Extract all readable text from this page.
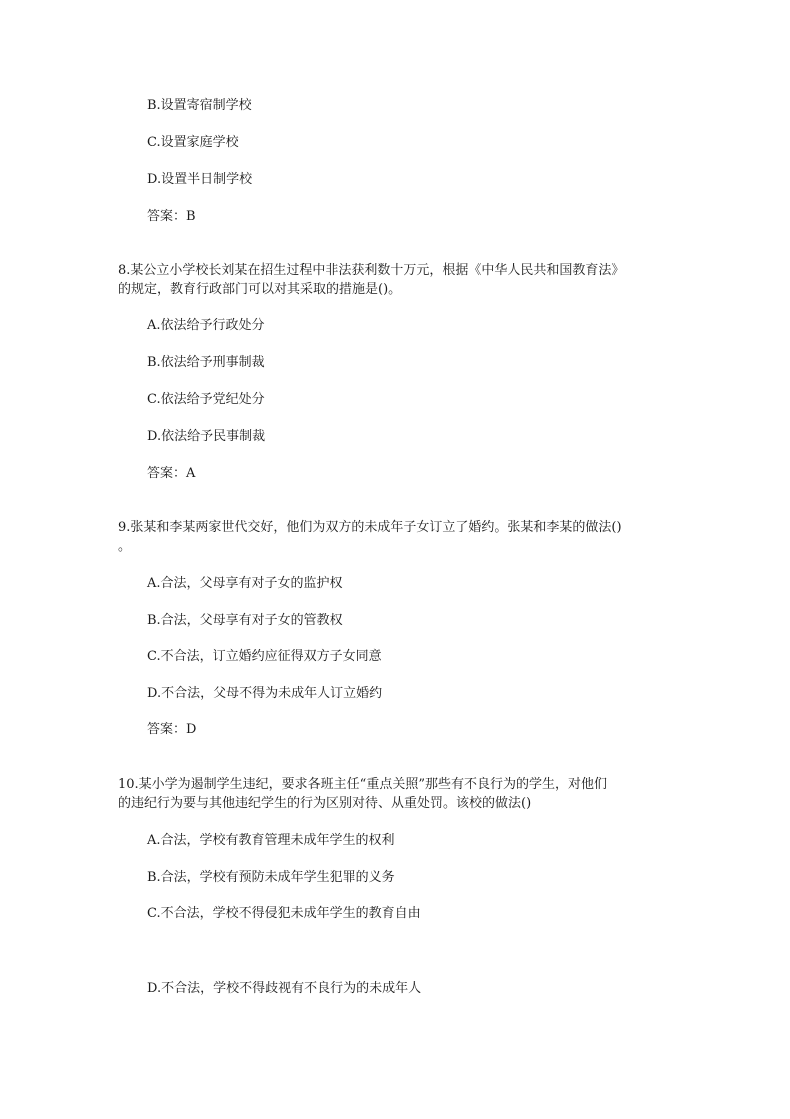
B.设置寄宿制学校
C.设置家庭学校
D.设置半日制学校
答案：B
8.某公立小学校长刘某在招生过程中非法获利数十万元，根据《中华人民共和国教育法》
的规定，教育行政部门可以对其采取的措施是()。
A.依法给予行政处分
B.依法给予刑事制裁
C.依法给予党纪处分
D.依法给予民事制裁
答案：A
9.张某和李某两家世代交好，他们为双方的未成年子女订立了婚约。张某和李某的做法()
。
A.合法，父母享有对子女的监护权
B.合法，父母享有对子女的管教权
C.不合法，订立婚约应征得双方子女同意
D.不合法，父母不得为未成年人订立婚约
答案：D
10.某小学为遏制学生违纪，要求各班主任“重点关照”那些有不良行为的学生，对他们
的违纪行为要与其他违纪学生的行为区别对待、从重处罚。该校的做法()
A.合法，学校有教育管理未成年学生的权利
B.合法，学校有预防未成年学生犯罪的义务
C.不合法，学校不得侵犯未成年学生的教育自由
D.不合法，学校不得歧视有不良行为的未成年人
